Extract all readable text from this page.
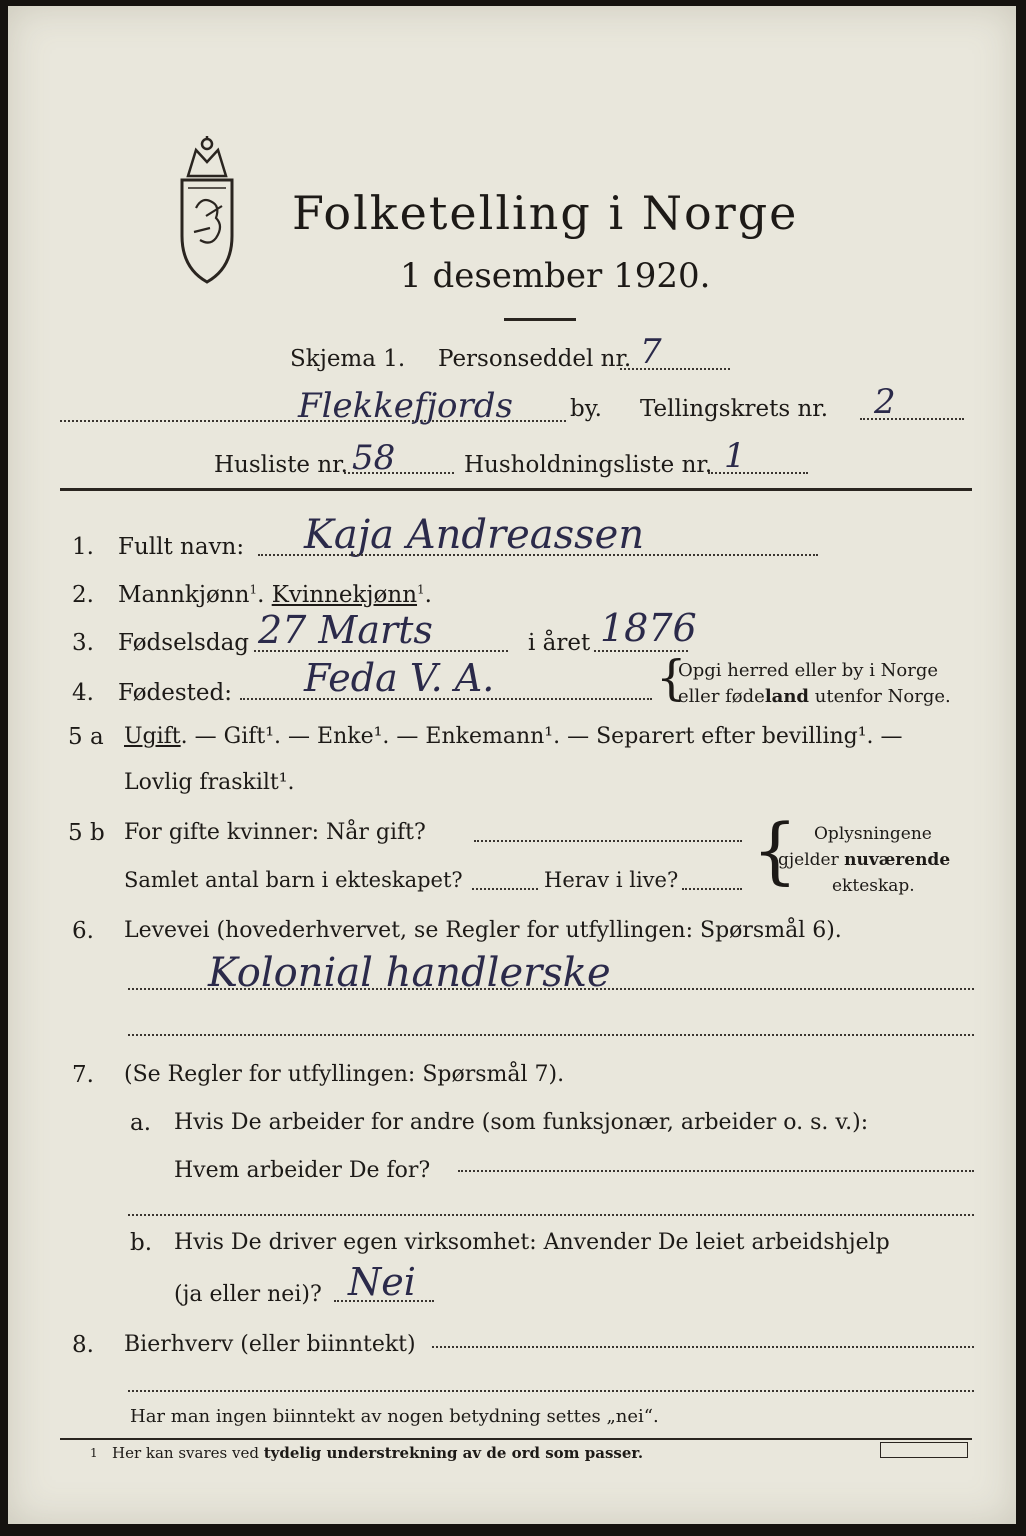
Folketelling i Norge
1 desember 1920.
Skjema 1. Personseddel nr. 7
Flekkefjords by. Tellingskrets nr. 2
Husliste nr. 58	Husholdningsliste nr. 1
1. Fullt navn: Kaja Andreassen
2. Mannkjønn$^1$. Kvinnekjønn$^1$.
3. Fødselsdag 27 Marts	i året 1876
4. Fødested: Feda V. A.	{
Opgi herred eller by i Norge
eller fødeland utenfor Norge.
5 a Ugift. — Gift¹. — Enke¹. — Enkemann¹. — Separert efter bevilling¹. —
Lovlig fraskilt¹.
5 b For gifte kvinner: Når gift?
Samlet antal barn i ekteskapet?	Herav i live? { Oplysningene
gjelder nuværende
ekteskap.
6. Levevei (hovederhvervet, se Regler for utfyllingen: Spørsmål 6).
Kolonial handlerske
7. (Se Regler for utfyllingen: Spørsmål 7).
a. Hvis De arbeider for andre (som funksjonær, arbeider o. s. v.):
Hvem arbeider De for?
b. Hvis De driver egen virksomhet: Anvender De leiet arbeidshjelp
(ja eller nei)? Nei
8. Bierhverv (eller biinntekt)
Har man ingen biinntekt av nogen betydning settes „nei“.
1 Her kan svares ved tydelig understrekning av de ord som passer.
